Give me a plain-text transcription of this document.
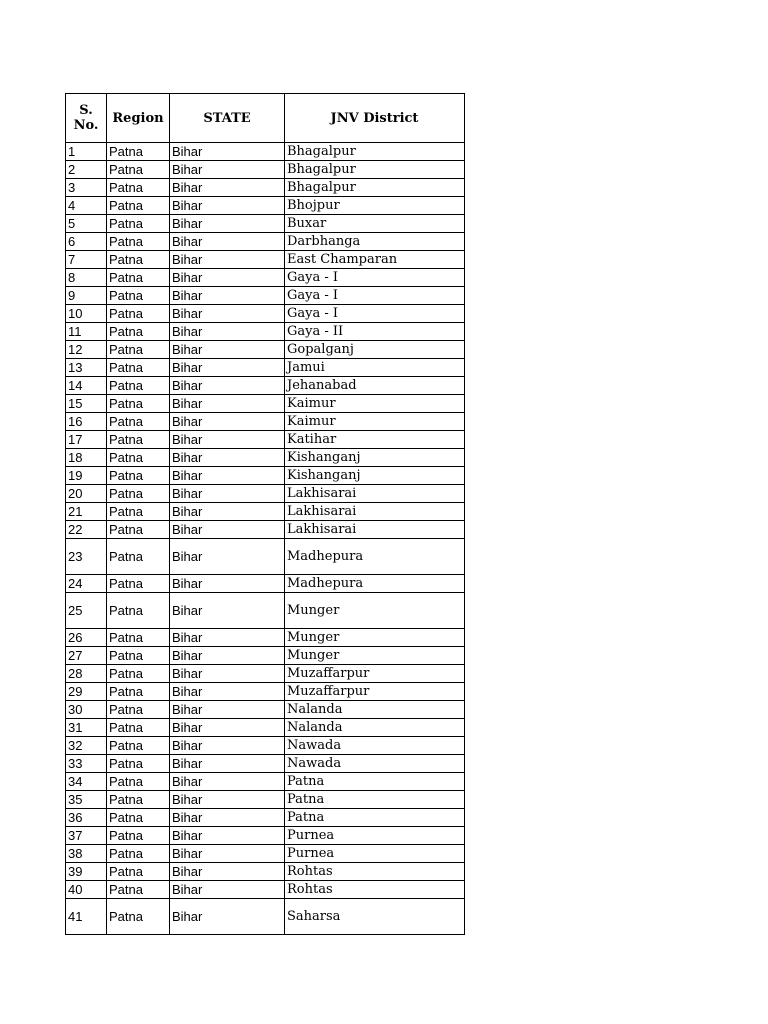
S. No.	Region	STATE	JNV District
1	Patna	Bihar	Bhagalpur
2	Patna	Bihar	Bhagalpur
3	Patna	Bihar	Bhagalpur
4	Patna	Bihar	Bhojpur
5	Patna	Bihar	Buxar
6	Patna	Bihar	Darbhanga
7	Patna	Bihar	East Champaran
8	Patna	Bihar	Gaya - I
9	Patna	Bihar	Gaya - I
10	Patna	Bihar	Gaya - I
11	Patna	Bihar	Gaya - II
12	Patna	Bihar	Gopalganj
13	Patna	Bihar	Jamui
14	Patna	Bihar	Jehanabad
15	Patna	Bihar	Kaimur
16	Patna	Bihar	Kaimur
17	Patna	Bihar	Katihar
18	Patna	Bihar	Kishanganj
19	Patna	Bihar	Kishanganj
20	Patna	Bihar	Lakhisarai
21	Patna	Bihar	Lakhisarai
22	Patna	Bihar	Lakhisarai
23	Patna	Bihar	Madhepura
24	Patna	Bihar	Madhepura
25	Patna	Bihar	Munger
26	Patna	Bihar	Munger
27	Patna	Bihar	Munger
28	Patna	Bihar	Muzaffarpur
29	Patna	Bihar	Muzaffarpur
30	Patna	Bihar	Nalanda
31	Patna	Bihar	Nalanda
32	Patna	Bihar	Nawada
33	Patna	Bihar	Nawada
34	Patna	Bihar	Patna
35	Patna	Bihar	Patna
36	Patna	Bihar	Patna
37	Patna	Bihar	Purnea
38	Patna	Bihar	Purnea
39	Patna	Bihar	Rohtas
40	Patna	Bihar	Rohtas
41	Patna	Bihar	Saharsa
